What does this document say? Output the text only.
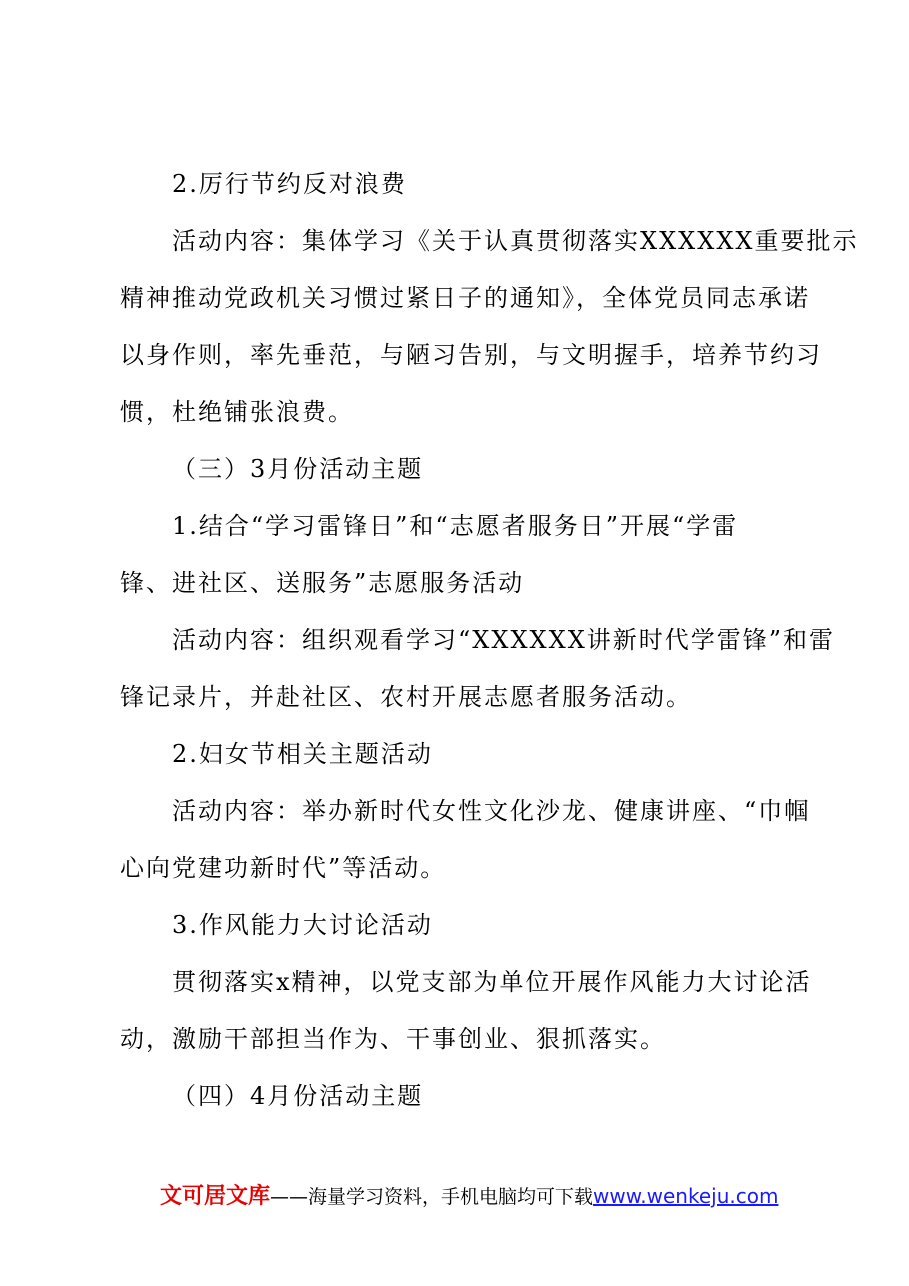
2.厉行节约反对浪费
活动内容：集体学习《关于认真贯彻落实XXXXXX重要批示
精神推动党政机关习惯过紧日子的通知》，全体党员同志承诺
以身作则，率先垂范，与陋习告别，与文明握手，培养节约习
惯，杜绝铺张浪费。
（三）3月份活动主题
1.结合“学习雷锋日”和“志愿者服务日”开展“学雷
锋、进社区、送服务”志愿服务活动
活动内容：组织观看学习“XXXXXX讲新时代学雷锋”和雷
锋记录片，并赴社区、农村开展志愿者服务活动。
2.妇女节相关主题活动
活动内容：举办新时代女性文化沙龙、健康讲座、“巾帼
心向党建功新时代”等活动。
3.作风能力大讨论活动
贯彻落实x精神，以党支部为单位开展作风能力大讨论活
动，激励干部担当作为、干事创业、狠抓落实。
（四）4月份活动主题
文可居文库——海量学习资料，手机电脑均可下载www.wenkeju.com
